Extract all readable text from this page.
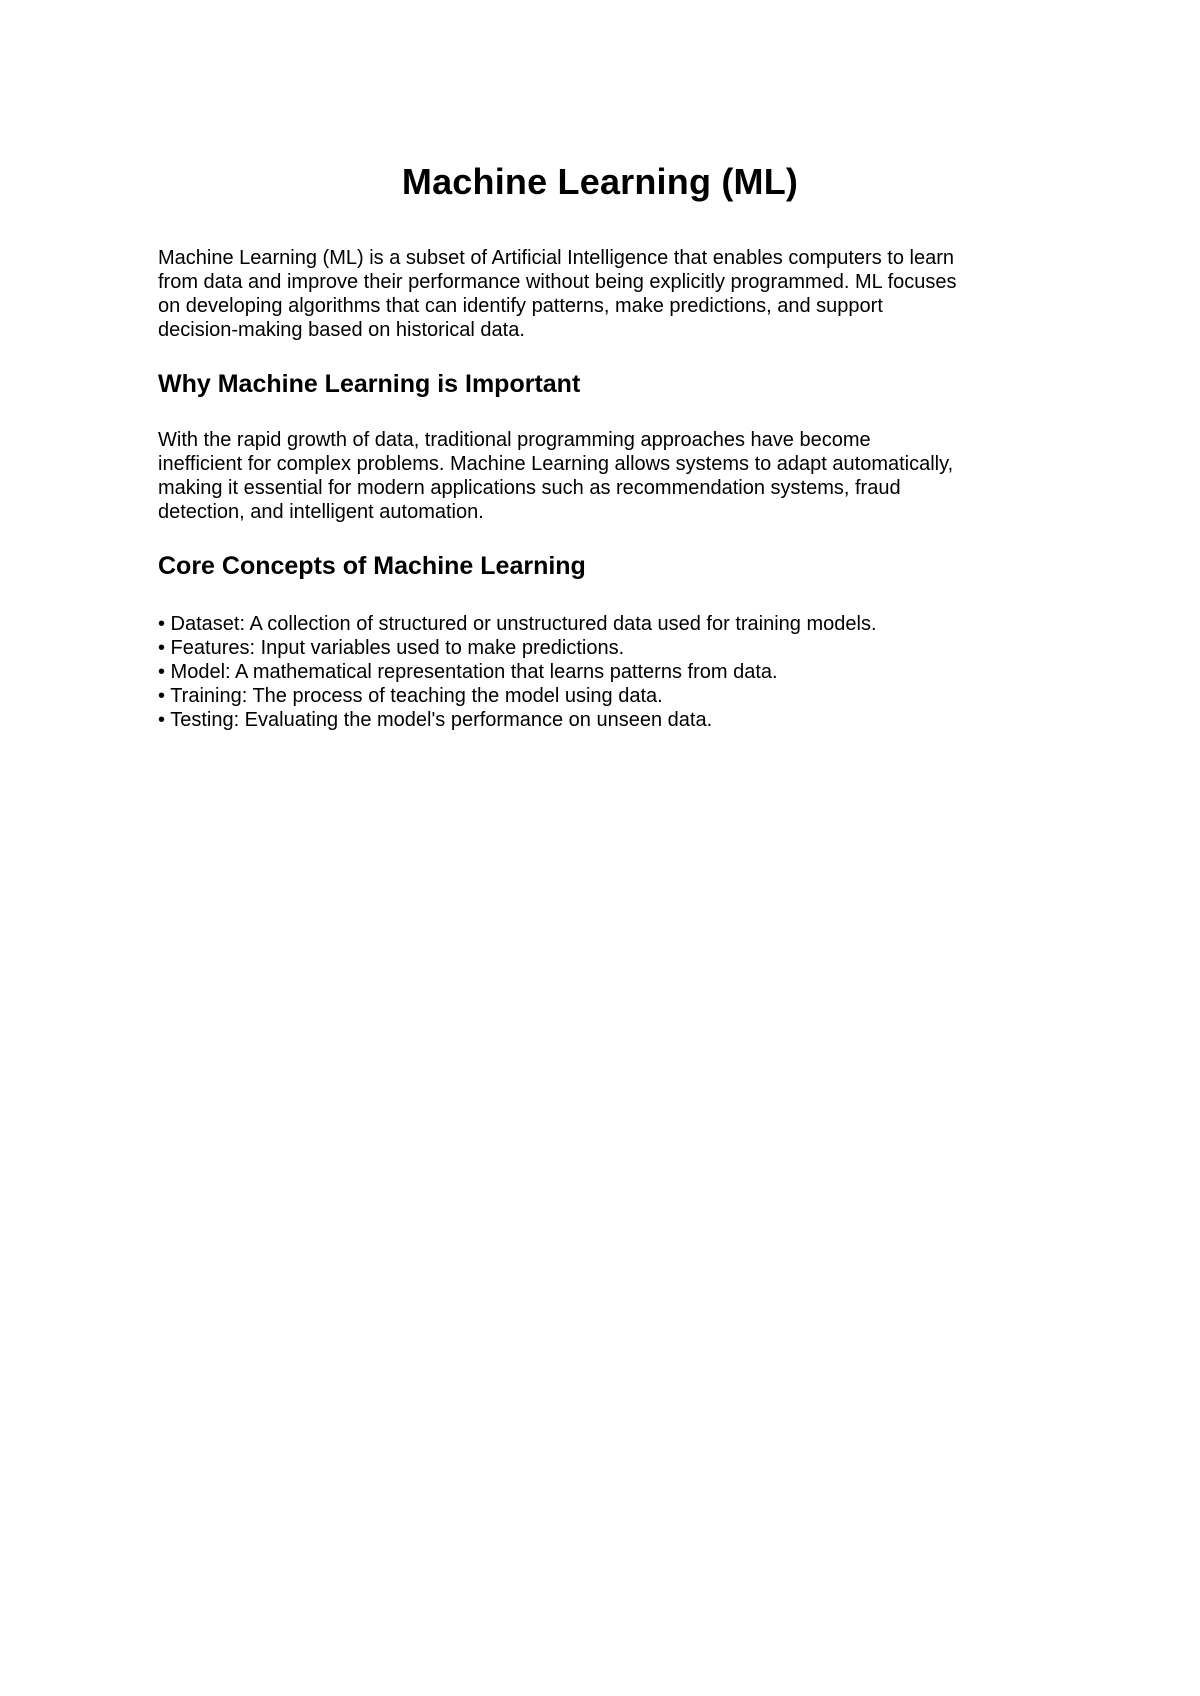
Machine Learning (ML)

Machine Learning (ML) is a subset of Artificial Intelligence that enables computers to learn
from data and improve their performance without being explicitly programmed. ML focuses
on developing algorithms that can identify patterns, make predictions, and support
decision-making based on historical data.

Why Machine Learning is Important

With the rapid growth of data, traditional programming approaches have become
inefficient for complex problems. Machine Learning allows systems to adapt automatically,
making it essential for modern applications such as recommendation systems, fraud
detection, and intelligent automation.

Core Concepts of Machine Learning
• Dataset: A collection of structured or unstructured data used for training models.
• Features: Input variables used to make predictions.
• Model: A mathematical representation that learns patterns from data.
• Training: The process of teaching the model using data.
• Testing: Evaluating the model's performance on unseen data.
